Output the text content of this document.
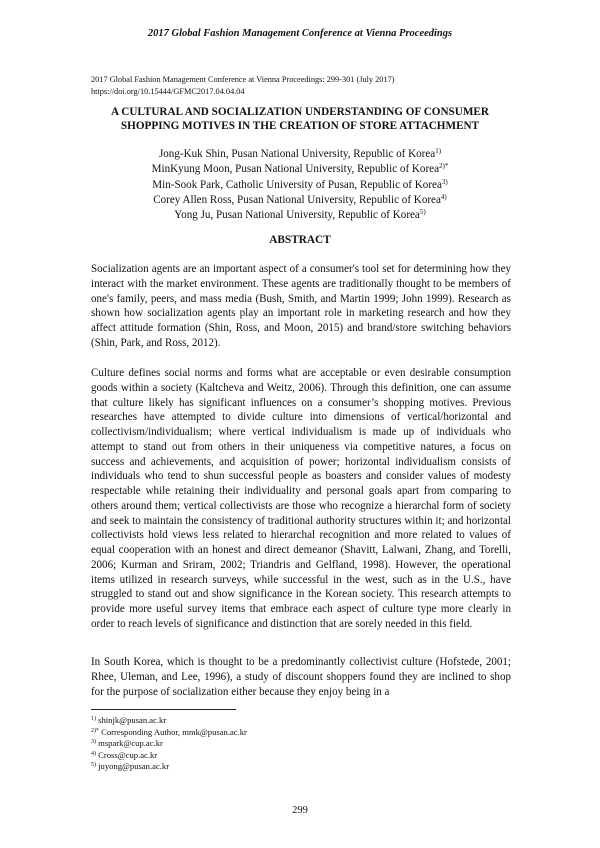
2017 Global Fashion Management Conference at Vienna Proceedings
2017 Global Fashion Management Conference at Vienna Proceedings: 299-301 (July 2017)
https://doi.org/10.15444/GFMC2017.04.04.04
A CULTURAL AND SOCIALIZATION UNDERSTANDING OF CONSUMER
SHOPPING MOTIVES IN THE CREATION OF STORE ATTACHMENT
Jong-Kuk Shin, Pusan National University, Republic of Korea$^{1)}$
MinKyung Moon, Pusan National University, Republic of Korea$^{2)*}$
Min-Sook Park, Catholic University of Pusan, Republic of Korea$^{3)}$
Corey Allen Ross, Pusan National University, Republic of Korea$^{4)}$
Yong Ju, Pusan National University, Republic of Korea$^{5)}$
ABSTRACT

Socialization agents are an important aspect of a consumer's tool set for determining how they interact with the market environment. These agents are traditionally thought to be members of one's family, peers, and mass media (Bush, Smith, and Martin 1999; John 1999). Research as shown how socialization agents play an important role in marketing research and how they affect attitude formation (Shin, Ross, and Moon, 2015) and brand/store switching behaviors (Shin, Park, and Ross, 2012).

Culture defines social norms and forms what are acceptable or even desirable consumption goods within a society (Kaltcheva and Weitz, 2006). Through this definition, one can assume that culture likely has significant influences on a consumer’s shopping motives. Previous researches have attempted to divide culture into dimensions of vertical/horizontal and collectivism/individualism; where vertical individualism is made up of individuals who attempt to stand out from others in their uniqueness via competitive natures, a focus on success and achievements, and acquisition of power; horizontal individualism consists of individuals who tend to shun successful people as boasters and consider values of modesty respectable while retaining their individuality and personal goals apart from comparing to others around them; vertical collectivists are those who recognize a hierarchal form of society and seek to maintain the consistency of traditional authority structures within it; and horizontal collectivists hold views less related to hierarchal recognition and more related to values of equal cooperation with an honest and direct demeanor (Shavitt, Lalwani, Zhang, and Torelli, 2006; Kurman and Sriram, 2002; Triandris and Gelfland, 1998). However, the operational items utilized in research surveys, while successful in the west, such as in the U.S., have struggled to stand out and show significance in the Korean society. This research attempts to provide more useful survey items that embrace each aspect of culture type more clearly in order to reach levels of significance and distinction that are sorely needed in this field.

In South Korea, which is thought to be a predominantly collectivist culture (Hofstede, 2001; Rhee, Uleman, and Lee, 1996), a study of discount shoppers found they are inclined to shop for the purpose of socialization either because they enjoy being in a

$^{1)}$ shinjk@pusan.ac.kr
$^{2)*}$ Corresponding Author, mmk@pusan.ac.kr
$^{3)}$ mspark@cup.ac.kr
$^{4)}$ Cross@cup.ac.kr
$^{5)}$ juyong@pusan.ac.kr
299
